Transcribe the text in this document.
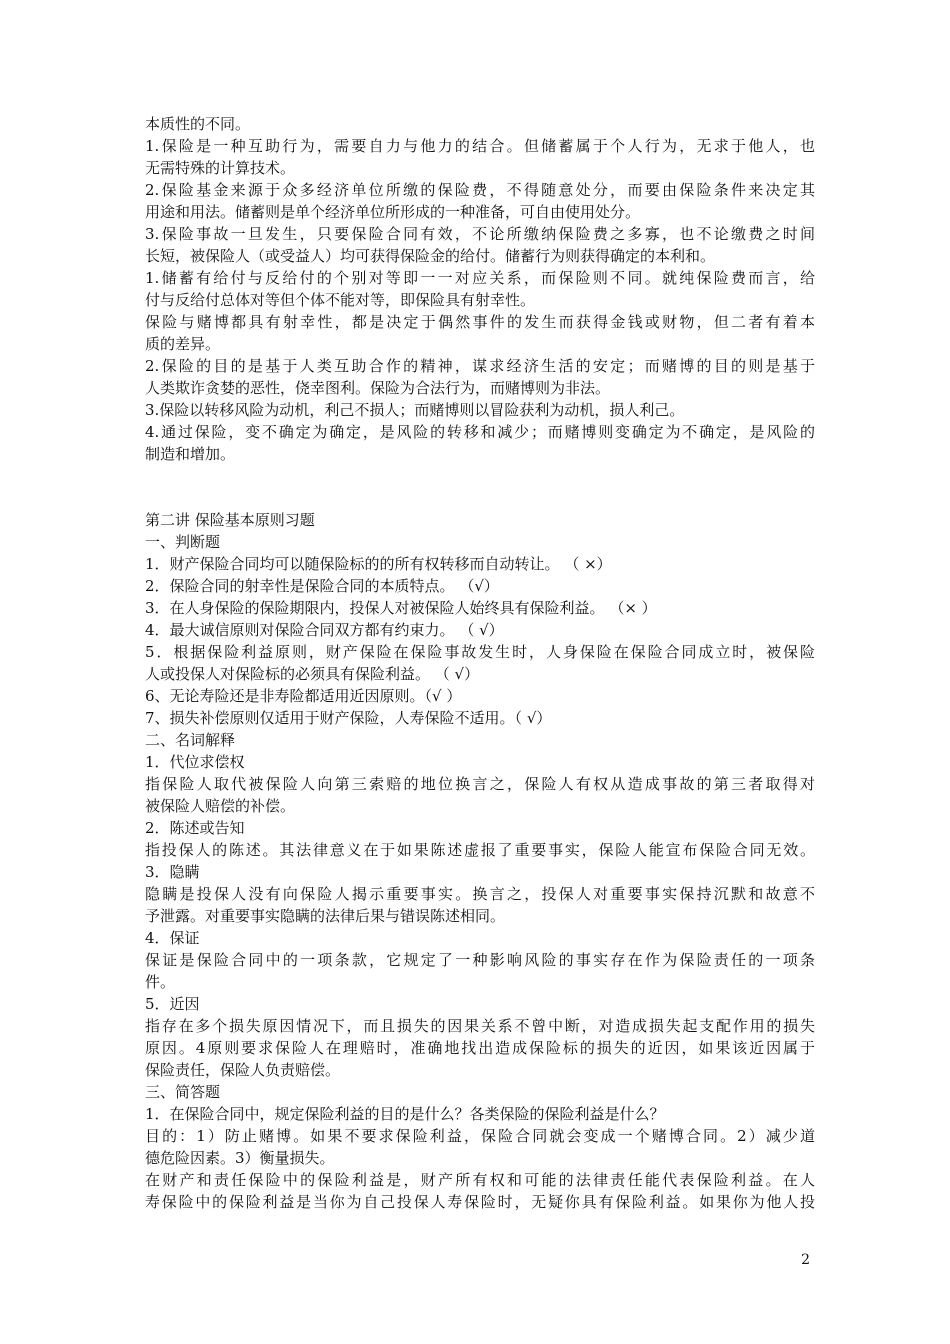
本质性的不同。
1.保险是一种互助行为，需要自力与他力的结合。但储蓄属于个人行为，无求于他人，也
无需特殊的计算技术。
2.保险基金来源于众多经济单位所缴的保险费，不得随意处分，而要由保险条件来决定其
用途和用法。储蓄则是单个经济单位所形成的一种准备，可自由使用处分。
3.保险事故一旦发生，只要保险合同有效，不论所缴纳保险费之多寡，也不论缴费之时间
长短，被保险人（或受益人）均可获得保险金的给付。储蓄行为则获得确定的本利和。
1.储蓄有给付与反给付的个别对等即一一对应关系，而保险则不同。就纯保险费而言，给
付与反给付总体对等但个体不能对等，即保险具有射幸性。
保险与赌博都具有射幸性，都是决定于偶然事件的发生而获得金钱或财物，但二者有着本
质的差异。
2.保险的目的是基于人类互助合作的精神，谋求经济生活的安定；而赌博的目的则是基于
人类欺诈贪婪的恶性，侥幸图利。保险为合法行为，而赌博则为非法。
3.保险以转移风险为动机，利己不损人；而赌博则以冒险获利为动机，损人利己。
4.通过保险，变不确定为确定，是风险的转移和减少；而赌博则变确定为不确定，是风险的
制造和增加。
第二讲 保险基本原则习题
一、判断题
1．财产保险合同均可以随保险标的的所有权转移而自动转让。 （ ×）
2．保险合同的射幸性是保险合同的本质特点。 （√）
3．在人身保险的保险期限内，投保人对被保险人始终具有保险利益。 （× ）
4．最大诚信原则对保险合同双方都有约束力。 （ √）
5．根据保险利益原则，财产保险在保险事故发生时，人身保险在保险合同成立时，被保险
人或投保人对保险标的必须具有保险利益。 （ √）
6、无论寿险还是非寿险都适用近因原则。（√ ）
7、损失补偿原则仅适用于财产保险，人寿保险不适用。（ √）
二、名词解释
1．代位求偿权
指保险人取代被保险人向第三索赔的地位换言之，保险人有权从造成事故的第三者取得对
被保险人赔偿的补偿。
2．陈述或告知
指投保人的陈述。其法律意义在于如果陈述虚报了重要事实，保险人能宣布保险合同无效。
3．隐瞒
隐瞒是投保人没有向保险人揭示重要事实。换言之，投保人对重要事实保持沉默和故意不
予泄露。对重要事实隐瞒的法律后果与错误陈述相同。
4．保证
保证是保险合同中的一项条款，它规定了一种影响风险的事实存在作为保险责任的一项条
件。
5．近因
指存在多个损失原因情况下，而且损失的因果关系不曾中断，对造成损失起支配作用的损失
原因。4原则要求保险人在理赔时，准确地找出造成保险标的损失的近因，如果该近因属于
保险责任，保险人负责赔偿。
三、简答题
1．在保险合同中，规定保险利益的目的是什么？各类保险的保险利益是什么？
目的：1）防止赌博。如果不要求保险利益，保险合同就会变成一个赌博合同。2）减少道
德危险因素。3）衡量损失。
在财产和责任保险中的保险利益是，财产所有权和可能的法律责任能代表保险利益。在人
寿保险中的保险利益是当你为自己投保人寿保险时，无疑你具有保险利益。如果你为他人投
2
